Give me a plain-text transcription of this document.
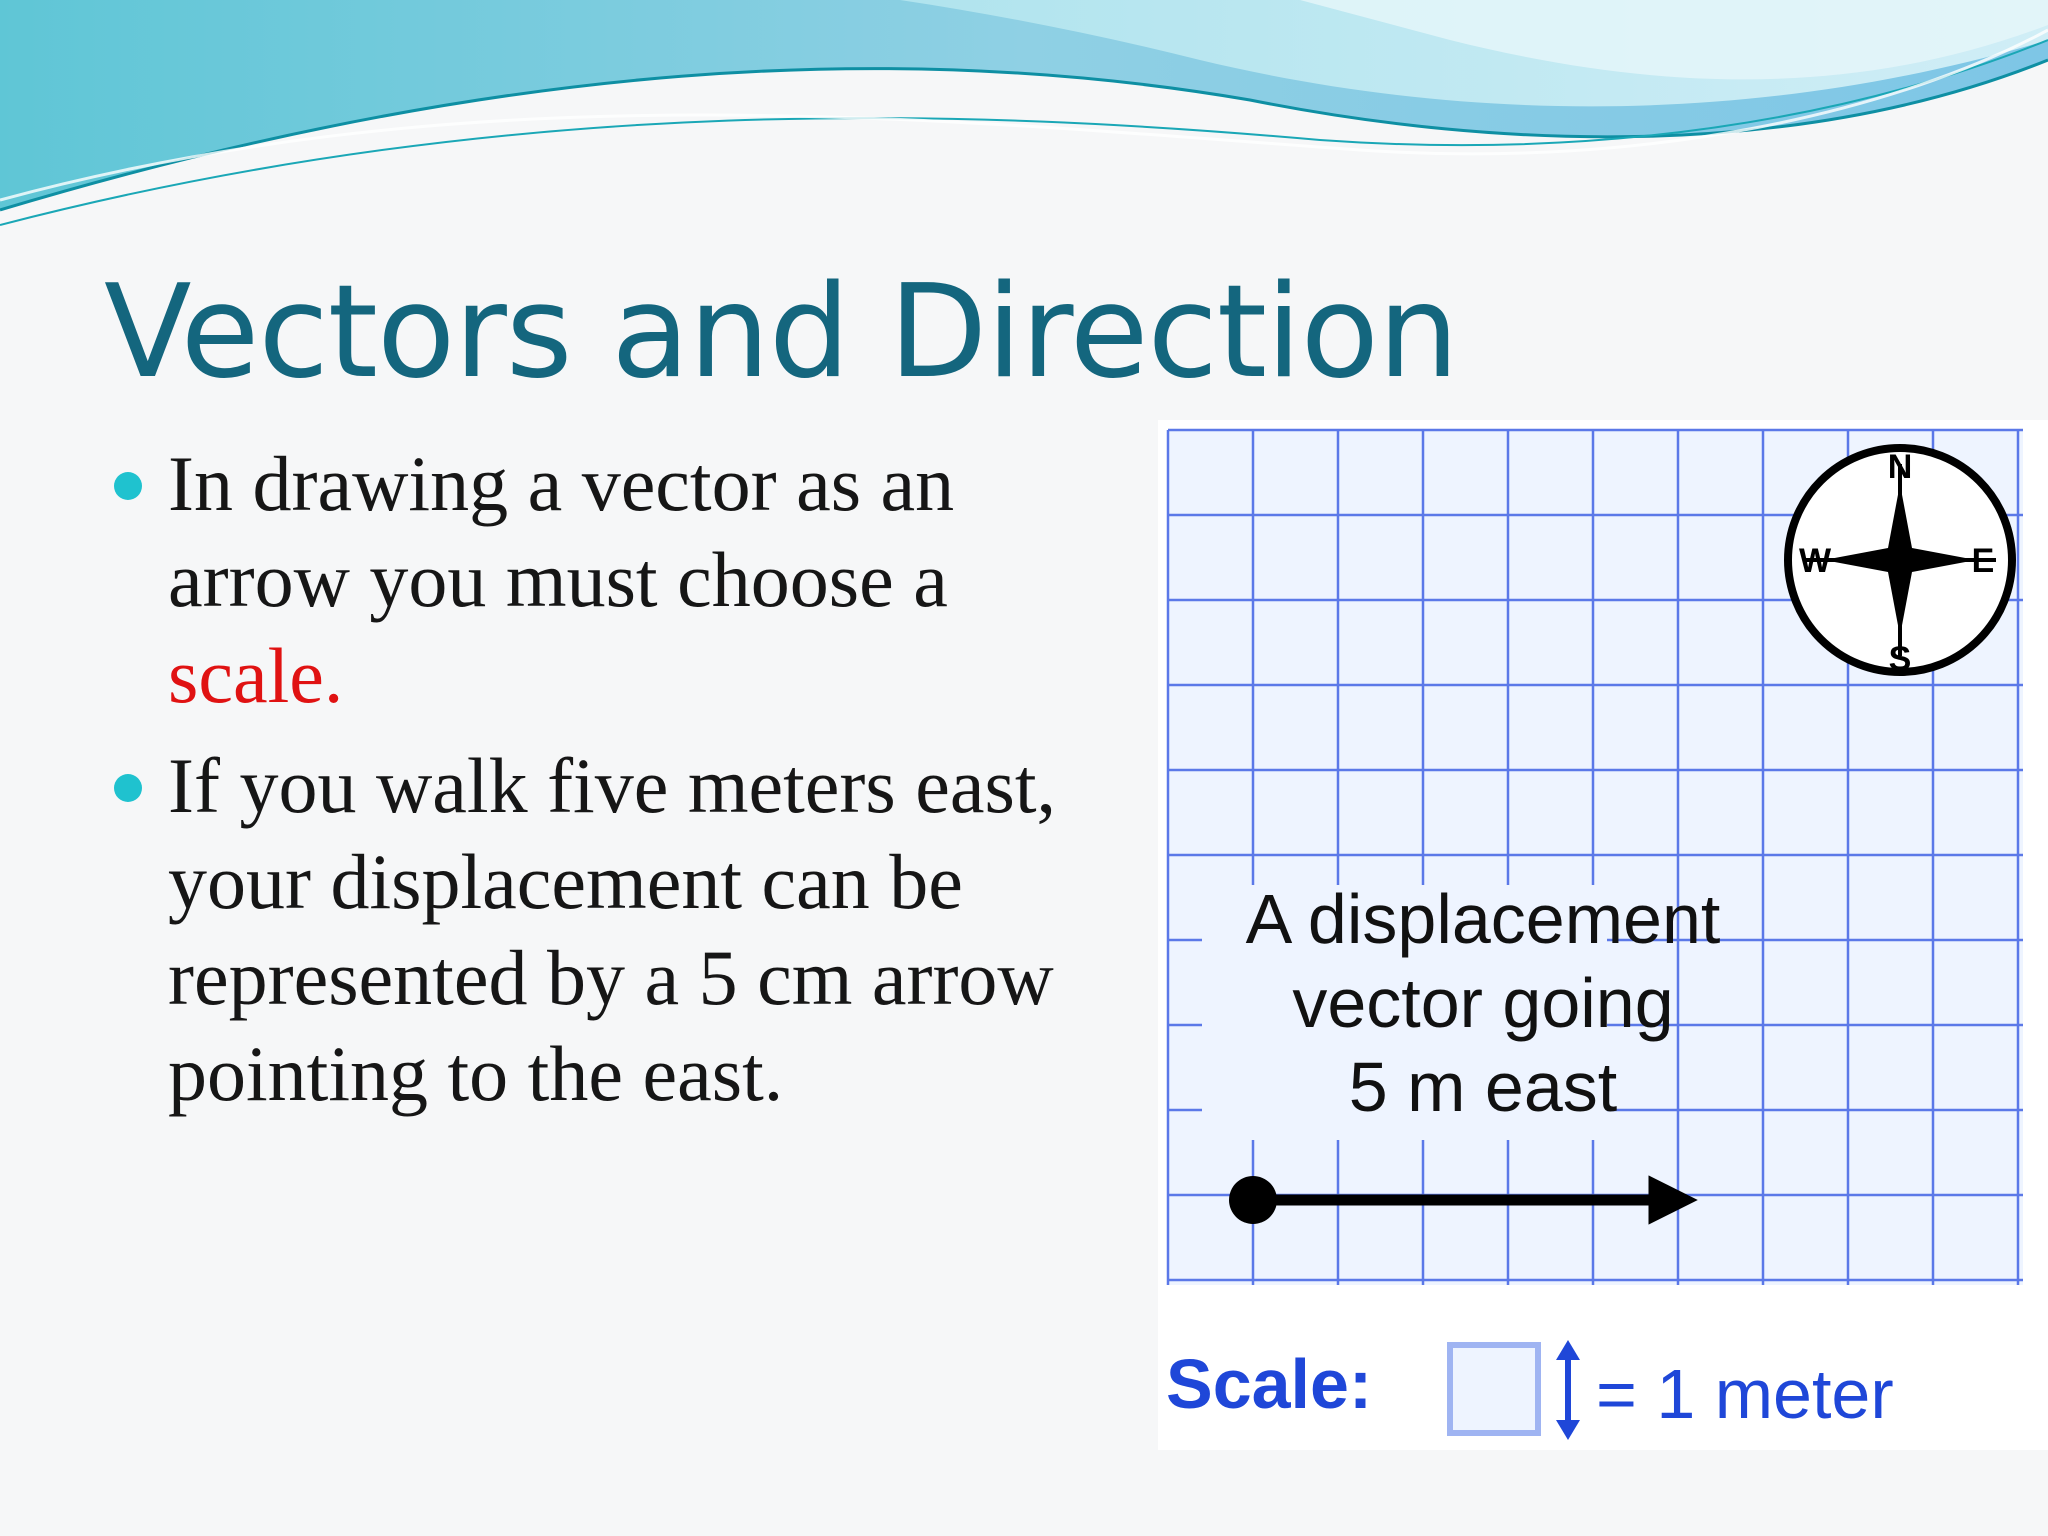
Vectors and Direction
In drawing a vector as an arrow you must choose a scale.
If you walk five meters east, your displacement can be represented by a 5 cm arrow pointing to the east.
N
S
E
W
A displacement
vector going
5 m east
Scale:	= 1 meter
